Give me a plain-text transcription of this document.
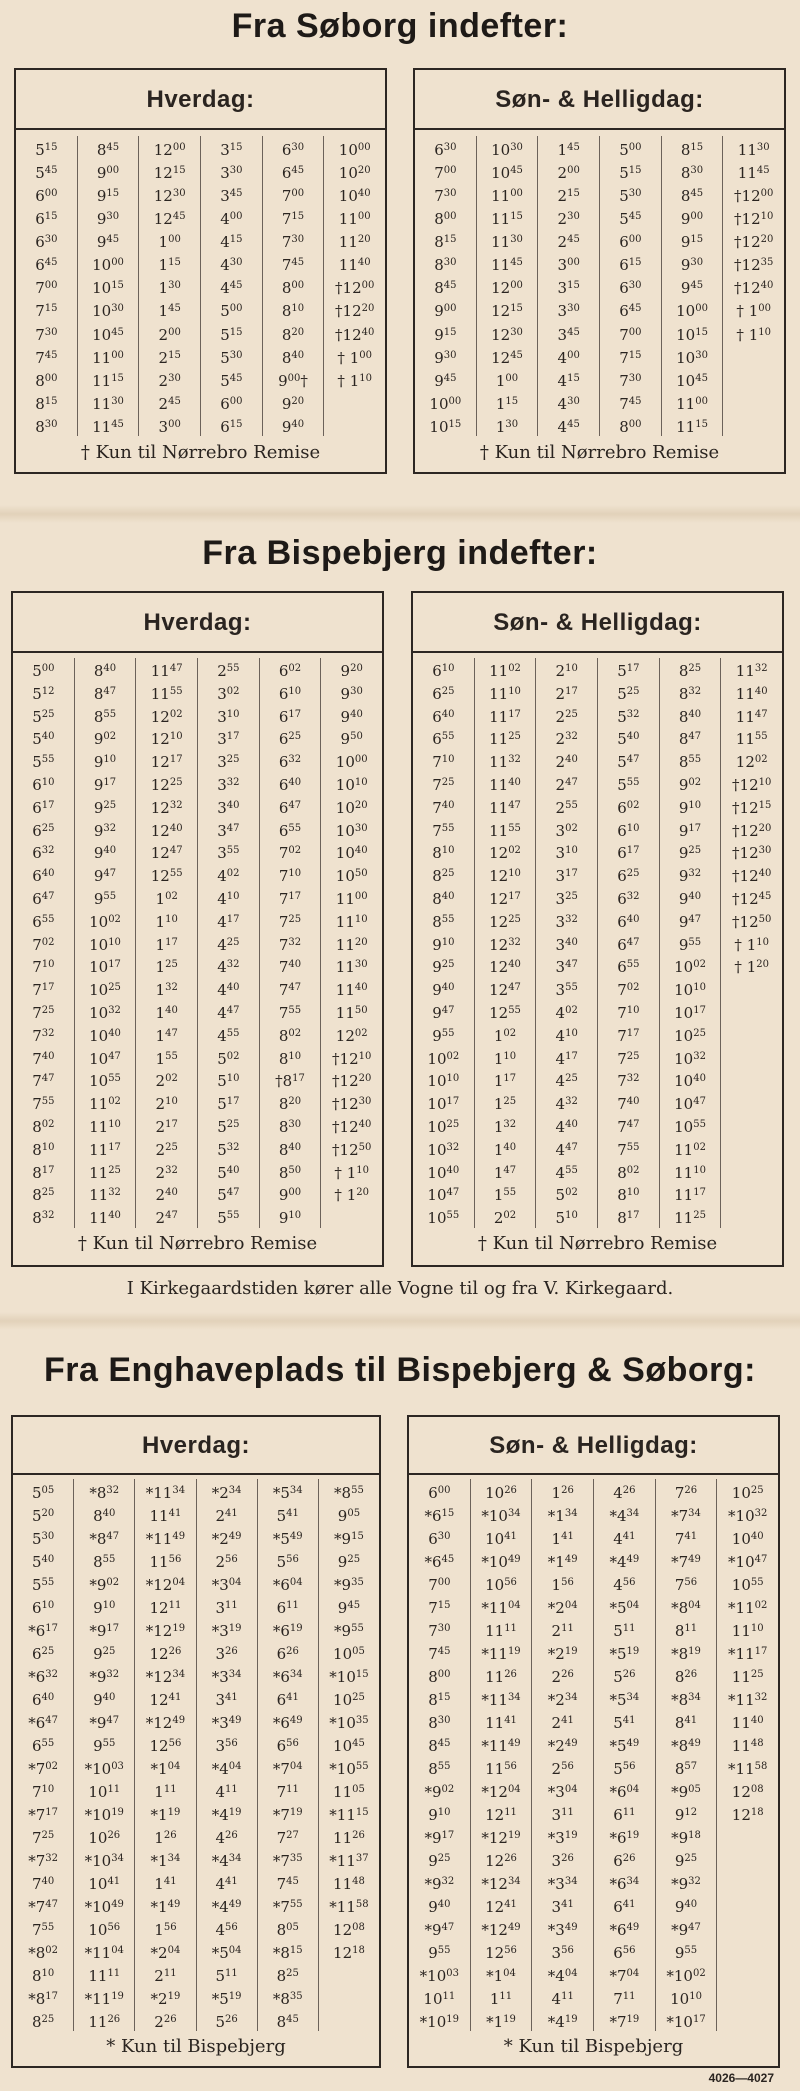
Fra Søborg indefter:
Hverdag:
$5^{15}$
$5^{45}$
$6^{00}$
$6^{15}$
$6^{30}$
$6^{45}$
$7^{00}$
$7^{15}$
$7^{30}$
$7^{45}$
$8^{00}$
$8^{15}$
$8^{30}$
$8^{45}$
$9^{00}$
$9^{15}$
$9^{30}$
$9^{45}$
$10^{00}$
$10^{15}$
$10^{30}$
$10^{45}$
$11^{00}$
$11^{15}$
$11^{30}$
$11^{45}$
$12^{00}$
$12^{15}$
$12^{30}$
$12^{45}$
$1^{00}$
$1^{15}$
$1^{30}$
$1^{45}$
$2^{00}$
$2^{15}$
$2^{30}$
$2^{45}$
$3^{00}$
$3^{15}$
$3^{30}$
$3^{45}$
$4^{00}$
$4^{15}$
$4^{30}$
$4^{45}$
$5^{00}$
$5^{15}$
$5^{30}$
$5^{45}$
$6^{00}$
$6^{15}$
$6^{30}$
$6^{45}$
$7^{00}$
$7^{15}$
$7^{30}$
$7^{45}$
$8^{00}$
$8^{10}$
$8^{20}$
$8^{40}$
$9^{00}\dagger$
$9^{20}$
$9^{40}$
$10^{00}$
$10^{20}$
$10^{40}$
$11^{00}$
$11^{20}$
$11^{40}$
$\dagger 12^{00}$
$\dagger 12^{20}$
$\dagger 12^{40}$
† $1^{00}$
† $1^{10}$
† Kun til Nørrebro Remise
Søn- & Helligdag:
$6^{30}$
$7^{00}$
$7^{30}$
$8^{00}$
$8^{15}$
$8^{30}$
$8^{45}$
$9^{00}$
$9^{15}$
$9^{30}$
$9^{45}$
$10^{00}$
$10^{15}$
$10^{30}$
$10^{45}$
$11^{00}$
$11^{15}$
$11^{30}$
$11^{45}$
$12^{00}$
$12^{15}$
$12^{30}$
$12^{45}$
$1^{00}$
$1^{15}$
$1^{30}$
$1^{45}$
$2^{00}$
$2^{15}$
$2^{30}$
$2^{45}$
$3^{00}$
$3^{15}$
$3^{30}$
$3^{45}$
$4^{00}$
$4^{15}$
$4^{30}$
$4^{45}$
$5^{00}$
$5^{15}$
$5^{30}$
$5^{45}$
$6^{00}$
$6^{15}$
$6^{30}$
$6^{45}$
$7^{00}$
$7^{15}$
$7^{30}$
$7^{45}$
$8^{00}$
$8^{15}$
$8^{30}$
$8^{45}$
$9^{00}$
$9^{15}$
$9^{30}$
$9^{45}$
$10^{00}$
$10^{15}$
$10^{30}$
$10^{45}$
$11^{00}$
$11^{15}$
$11^{30}$
$11^{45}$
$\dagger 12^{00}$
$\dagger 12^{10}$
$\dagger 12^{20}$
$\dagger 12^{35}$
$\dagger 12^{40}$
† $1^{00}$
† $1^{10}$
† Kun til Nørrebro Remise
Fra Bispebjerg indefter:
Hverdag:
$5^{00}$
$5^{12}$
$5^{25}$
$5^{40}$
$5^{55}$
$6^{10}$
$6^{17}$
$6^{25}$
$6^{32}$
$6^{40}$
$6^{47}$
$6^{55}$
$7^{02}$
$7^{10}$
$7^{17}$
$7^{25}$
$7^{32}$
$7^{40}$
$7^{47}$
$7^{55}$
$8^{02}$
$8^{10}$
$8^{17}$
$8^{25}$
$8^{32}$
$8^{40}$
$8^{47}$
$8^{55}$
$9^{02}$
$9^{10}$
$9^{17}$
$9^{25}$
$9^{32}$
$9^{40}$
$9^{47}$
$9^{55}$
$10^{02}$
$10^{10}$
$10^{17}$
$10^{25}$
$10^{32}$
$10^{40}$
$10^{47}$
$10^{55}$
$11^{02}$
$11^{10}$
$11^{17}$
$11^{25}$
$11^{32}$
$11^{40}$
$11^{47}$
$11^{55}$
$12^{02}$
$12^{10}$
$12^{17}$
$12^{25}$
$12^{32}$
$12^{40}$
$12^{47}$
$12^{55}$
$1^{02}$
$1^{10}$
$1^{17}$
$1^{25}$
$1^{32}$
$1^{40}$
$1^{47}$
$1^{55}$
$2^{02}$
$2^{10}$
$2^{17}$
$2^{25}$
$2^{32}$
$2^{40}$
$2^{47}$
$2^{55}$
$3^{02}$
$3^{10}$
$3^{17}$
$3^{25}$
$3^{32}$
$3^{40}$
$3^{47}$
$3^{55}$
$4^{02}$
$4^{10}$
$4^{17}$
$4^{25}$
$4^{32}$
$4^{40}$
$4^{47}$
$4^{55}$
$5^{02}$
$5^{10}$
$5^{17}$
$5^{25}$
$5^{32}$
$5^{40}$
$5^{47}$
$5^{55}$
$6^{02}$
$6^{10}$
$6^{17}$
$6^{25}$
$6^{32}$
$6^{40}$
$6^{47}$
$6^{55}$
$7^{02}$
$7^{10}$
$7^{17}$
$7^{25}$
$7^{32}$
$7^{40}$
$7^{47}$
$7^{55}$
$8^{02}$
$8^{10}$
$\dagger 8^{17}$
$8^{20}$
$8^{30}$
$8^{40}$
$8^{50}$
$9^{00}$
$9^{10}$
$9^{20}$
$9^{30}$
$9^{40}$
$9^{50}$
$10^{00}$
$10^{10}$
$10^{20}$
$10^{30}$
$10^{40}$
$10^{50}$
$11^{00}$
$11^{10}$
$11^{20}$
$11^{30}$
$11^{40}$
$11^{50}$
$12^{02}$
$\dagger 12^{10}$
$\dagger 12^{20}$
$\dagger 12^{30}$
$\dagger 12^{40}$
$\dagger 12^{50}$
† $1^{10}$
† $1^{20}$
† Kun til Nørrebro Remise
Søn- & Helligdag:
$6^{10}$
$6^{25}$
$6^{40}$
$6^{55}$
$7^{10}$
$7^{25}$
$7^{40}$
$7^{55}$
$8^{10}$
$8^{25}$
$8^{40}$
$8^{55}$
$9^{10}$
$9^{25}$
$9^{40}$
$9^{47}$
$9^{55}$
$10^{02}$
$10^{10}$
$10^{17}$
$10^{25}$
$10^{32}$
$10^{40}$
$10^{47}$
$10^{55}$
$11^{02}$
$11^{10}$
$11^{17}$
$11^{25}$
$11^{32}$
$11^{40}$
$11^{47}$
$11^{55}$
$12^{02}$
$12^{10}$
$12^{17}$
$12^{25}$
$12^{32}$
$12^{40}$
$12^{47}$
$12^{55}$
$1^{02}$
$1^{10}$
$1^{17}$
$1^{25}$
$1^{32}$
$1^{40}$
$1^{47}$
$1^{55}$
$2^{02}$
$2^{10}$
$2^{17}$
$2^{25}$
$2^{32}$
$2^{40}$
$2^{47}$
$2^{55}$
$3^{02}$
$3^{10}$
$3^{17}$
$3^{25}$
$3^{32}$
$3^{40}$
$3^{47}$
$3^{55}$
$4^{02}$
$4^{10}$
$4^{17}$
$4^{25}$
$4^{32}$
$4^{40}$
$4^{47}$
$4^{55}$
$5^{02}$
$5^{10}$
$5^{17}$
$5^{25}$
$5^{32}$
$5^{40}$
$5^{47}$
$5^{55}$
$6^{02}$
$6^{10}$
$6^{17}$
$6^{25}$
$6^{32}$
$6^{40}$
$6^{47}$
$6^{55}$
$7^{02}$
$7^{10}$
$7^{17}$
$7^{25}$
$7^{32}$
$7^{40}$
$7^{47}$
$7^{55}$
$8^{02}$
$8^{10}$
$8^{17}$
$8^{25}$
$8^{32}$
$8^{40}$
$8^{47}$
$8^{55}$
$9^{02}$
$9^{10}$
$9^{17}$
$9^{25}$
$9^{32}$
$9^{40}$
$9^{47}$
$9^{55}$
$10^{02}$
$10^{10}$
$10^{17}$
$10^{25}$
$10^{32}$
$10^{40}$
$10^{47}$
$10^{55}$
$11^{02}$
$11^{10}$
$11^{17}$
$11^{25}$
$11^{32}$
$11^{40}$
$11^{47}$
$11^{55}$
$12^{02}$
$\dagger 12^{10}$
$\dagger 12^{15}$
$\dagger 12^{20}$
$\dagger 12^{30}$
$\dagger 12^{40}$
$\dagger 12^{45}$
$\dagger 12^{50}$
† $1^{10}$
† $1^{20}$
† Kun til Nørrebro Remise
I Kirkegaardstiden kører alle Vogne til og fra V. Kirkegaard.
Fra Enghaveplads til Bispebjerg & Søborg:
Hverdag:
$5^{05}$
$5^{20}$
$5^{30}$
$5^{40}$
$5^{55}$
$6^{10}$
$*6^{17}$
$6^{25}$
$*6^{32}$
$6^{40}$
$*6^{47}$
$6^{55}$
$*7^{02}$
$7^{10}$
$*7^{17}$
$7^{25}$
$*7^{32}$
$7^{40}$
$*7^{47}$
$7^{55}$
$*8^{02}$
$8^{10}$
$*8^{17}$
$8^{25}$
$*8^{32}$
$8^{40}$
$*8^{47}$
$8^{55}$
$*9^{02}$
$9^{10}$
$*9^{17}$
$9^{25}$
$*9^{32}$
$9^{40}$
$*9^{47}$
$9^{55}$
$*10^{03}$
$10^{11}$
$*10^{19}$
$10^{26}$
$*10^{34}$
$10^{41}$
$*10^{49}$
$10^{56}$
$*11^{04}$
$11^{11}$
$*11^{19}$
$11^{26}$
$*11^{34}$
$11^{41}$
$*11^{49}$
$11^{56}$
$*12^{04}$
$12^{11}$
$*12^{19}$
$12^{26}$
$*12^{34}$
$12^{41}$
$*12^{49}$
$12^{56}$
$*1^{04}$
$1^{11}$
$*1^{19}$
$1^{26}$
$*1^{34}$
$1^{41}$
$*1^{49}$
$1^{56}$
$*2^{04}$
$2^{11}$
$*2^{19}$
$2^{26}$
$*2^{34}$
$2^{41}$
$*2^{49}$
$2^{56}$
$*3^{04}$
$3^{11}$
$*3^{19}$
$3^{26}$
$*3^{34}$
$3^{41}$
$*3^{49}$
$3^{56}$
$*4^{04}$
$4^{11}$
$*4^{19}$
$4^{26}$
$*4^{34}$
$4^{41}$
$*4^{49}$
$4^{56}$
$*5^{04}$
$5^{11}$
$*5^{19}$
$5^{26}$
$*5^{34}$
$5^{41}$
$*5^{49}$
$5^{56}$
$*6^{04}$
$6^{11}$
$*6^{19}$
$6^{26}$
$*6^{34}$
$6^{41}$
$*6^{49}$
$6^{56}$
$*7^{04}$
$7^{11}$
$*7^{19}$
$7^{27}$
$*7^{35}$
$7^{45}$
$*7^{55}$
$8^{05}$
$*8^{15}$
$8^{25}$
$*8^{35}$
$8^{45}$
$*8^{55}$
$9^{05}$
$*9^{15}$
$9^{25}$
$*9^{35}$
$9^{45}$
$*9^{55}$
$10^{05}$
$*10^{15}$
$10^{25}$
$*10^{35}$
$10^{45}$
$*10^{55}$
$11^{05}$
$*11^{15}$
$11^{26}$
$*11^{37}$
$11^{48}$
$*11^{58}$
$12^{08}$
$12^{18}$
* Kun til Bispebjerg
Søn- & Helligdag:
$6^{00}$
$*6^{15}$
$6^{30}$
$*6^{45}$
$7^{00}$
$7^{15}$
$7^{30}$
$7^{45}$
$8^{00}$
$8^{15}$
$8^{30}$
$8^{45}$
$8^{55}$
$*9^{02}$
$9^{10}$
$*9^{17}$
$9^{25}$
$*9^{32}$
$9^{40}$
$*9^{47}$
$9^{55}$
$*10^{03}$
$10^{11}$
$*10^{19}$
$10^{26}$
$*10^{34}$
$10^{41}$
$*10^{49}$
$10^{56}$
$*11^{04}$
$11^{11}$
$*11^{19}$
$11^{26}$
$*11^{34}$
$11^{41}$
$*11^{49}$
$11^{56}$
$*12^{04}$
$12^{11}$
$*12^{19}$
$12^{26}$
$*12^{34}$
$12^{41}$
$*12^{49}$
$12^{56}$
$*1^{04}$
$1^{11}$
$*1^{19}$
$1^{26}$
$*1^{34}$
$1^{41}$
$*1^{49}$
$1^{56}$
$*2^{04}$
$2^{11}$
$*2^{19}$
$2^{26}$
$*2^{34}$
$2^{41}$
$*2^{49}$
$2^{56}$
$*3^{04}$
$3^{11}$
$*3^{19}$
$3^{26}$
$*3^{34}$
$3^{41}$
$*3^{49}$
$3^{56}$
$*4^{04}$
$4^{11}$
$*4^{19}$
$4^{26}$
$*4^{34}$
$4^{41}$
$*4^{49}$
$4^{56}$
$*5^{04}$
$5^{11}$
$*5^{19}$
$5^{26}$
$*5^{34}$
$5^{41}$
$*5^{49}$
$5^{56}$
$*6^{04}$
$6^{11}$
$*6^{19}$
$6^{26}$
$*6^{34}$
$6^{41}$
$*6^{49}$
$6^{56}$
$*7^{04}$
$7^{11}$
$*7^{19}$
$7^{26}$
$*7^{34}$
$7^{41}$
$*7^{49}$
$7^{56}$
$*8^{04}$
$8^{11}$
$*8^{19}$
$8^{26}$
$*8^{34}$
$8^{41}$
$*8^{49}$
$8^{57}$
$*9^{05}$
$9^{12}$
$*9^{18}$
$9^{25}$
$*9^{32}$
$9^{40}$
$*9^{47}$
$9^{55}$
$*10^{02}$
$10^{10}$
$*10^{17}$
$10^{25}$
$*10^{32}$
$10^{40}$
$*10^{47}$
$10^{55}$
$*11^{02}$
$11^{10}$
$*11^{17}$
$11^{25}$
$*11^{32}$
$11^{40}$
$11^{48}$
$*11^{58}$
$12^{08}$
$12^{18}$
* Kun til Bispebjerg
4026—4027
